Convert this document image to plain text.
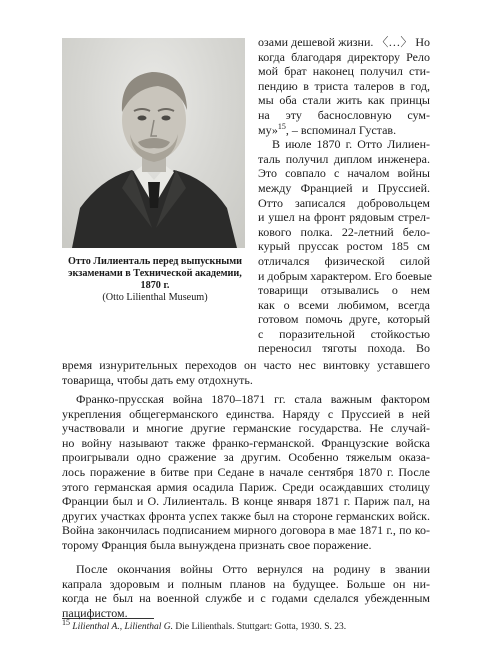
Отто Лилиенталь перед выпускными экзаменами в Технической академии, 1870 г.
(Otto Lilienthal Museum)
озами дешевой жизни. 〈…〉 Но
когда благодаря директору Рело
мой брат наконец получил сти-
пендию в триста талеров в год,
мы оба стали жить как принцы
на эту баснословную сум-
му»$^{15}$, – вспоминал Густав.
В июле 1870 г. Отто Лилиен-
таль получил диплом инженера.
Это совпало с началом войны
между Францией и Пруссией.
Отто записался добровольцем
и ушел на фронт рядовым стрел-
кового полка. 22-летний бело-
курый пруссак ростом 185 см
отличался физической силой
и добрым характером. Его боевые
товарищи отзывались о нем
как о всеми любимом, всегда
готовом помочь друге, который
с поразительной стойкостью
переносил тяготы похода. Во
время изнурительных переходов он часто нес винтовку уставшего
товарища, чтобы дать ему отдохнуть.
Франко-прусская война 1870–1871 гг. стала важным фактором
укрепления общегерманского единства. Наряду с Пруссией в ней
участвовали и многие другие германские государства. Не случай-
но войну называют также франко-германской. Французские войска
проигрывали одно сражение за другим. Особенно тяжелым оказа-
лось поражение в битве при Седане в начале сентября 1870 г. После
этого германская армия осадила Париж. Среди осаждавших столицу
Франции был и О. Лилиенталь. В конце января 1871 г. Париж пал, на
других участках фронта успех также был на стороне германских войск.
Война закончилась подписанием мирного договора в мае 1871 г., по ко-
торому Франция была вынуждена признать свое поражение.
После окончания войны Отто вернулся на родину в звании
капрала здоровым и полным планов на будущее. Больше он ни-
когда не был на военной службе и с годами сделался убежденным
пацифистом.
$^{15}$ Lilienthal A., Lilienthal G. Die Lilienthals. Stuttgart: Gotta, 1930. S. 23.
